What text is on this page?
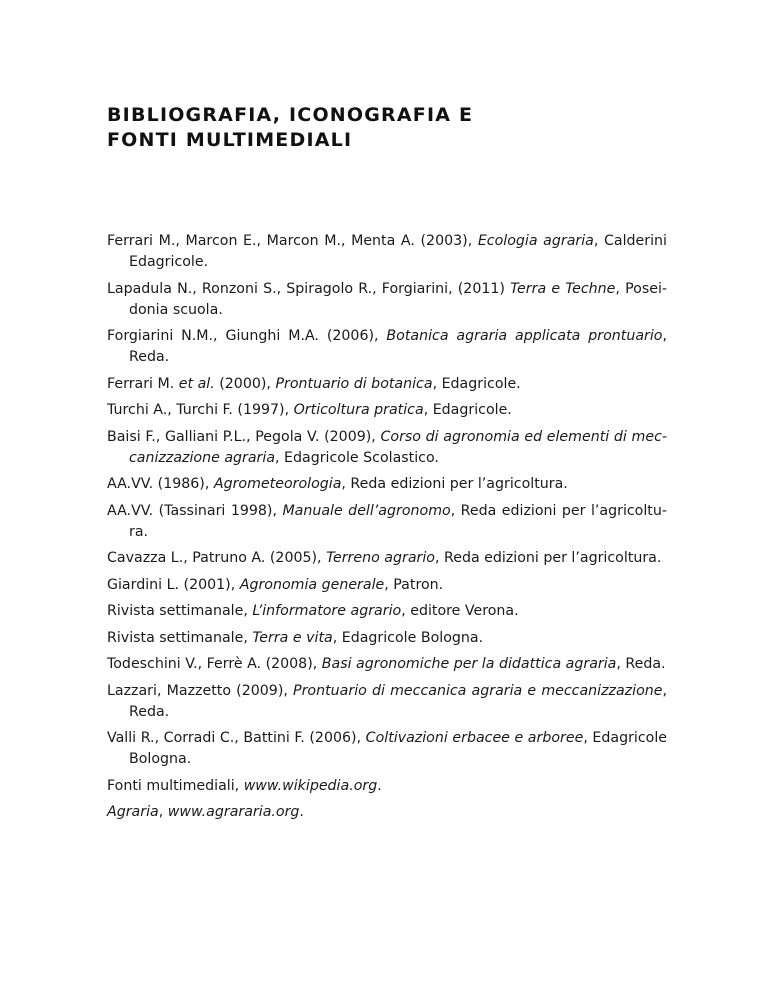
BIBLIOGRAFIA, ICONOGRAFIA E
FONTI MULTIMEDIALI
Ferrari M., Marcon E., Marcon M., Menta A. (2003), Ecologia agraria, Calderini Edagricole.
Lapadula N., Ronzoni S., Spiragolo R., Forgiarini, (2011) Terra e Techne, Poseidonia scuola.
Forgiarini N.M., Giunghi M.A. (2006), Botanica agraria applicata prontuario, Reda.
Ferrari M. et al. (2000), Prontuario di botanica, Edagricole.
Turchi A., Turchi F. (1997), Orticoltura pratica, Edagricole.
Baisi F., Galliani P.L., Pegola V. (2009), Corso di agronomia ed elementi di meccanizzazione agraria, Edagricole Scolastico.
AA.VV. (1986), Agrometeorologia, Reda edizioni per l’agricoltura.
AA.VV. (Tassinari 1998), Manuale dell’agronomo, Reda edizioni per l’agricoltura.
Cavazza L., Patruno A. (2005), Terreno agrario, Reda edizioni per l’agricoltura.
Giardini L. (2001), Agronomia generale, Patron.
Rivista settimanale, L’informatore agrario, editore Verona.
Rivista settimanale, Terra e vita, Edagricole Bologna.
Todeschini V., Ferrè A. (2008), Basi agronomiche per la didattica agraria, Reda.
Lazzari, Mazzetto (2009), Prontuario di meccanica agraria e meccanizzazione, Reda.
Valli R., Corradi C., Battini F. (2006), Coltivazioni erbacee e arboree, Edagricole Bologna.
Fonti multimediali, www.wikipedia.org.
Agraria, www.agrararia.org.
